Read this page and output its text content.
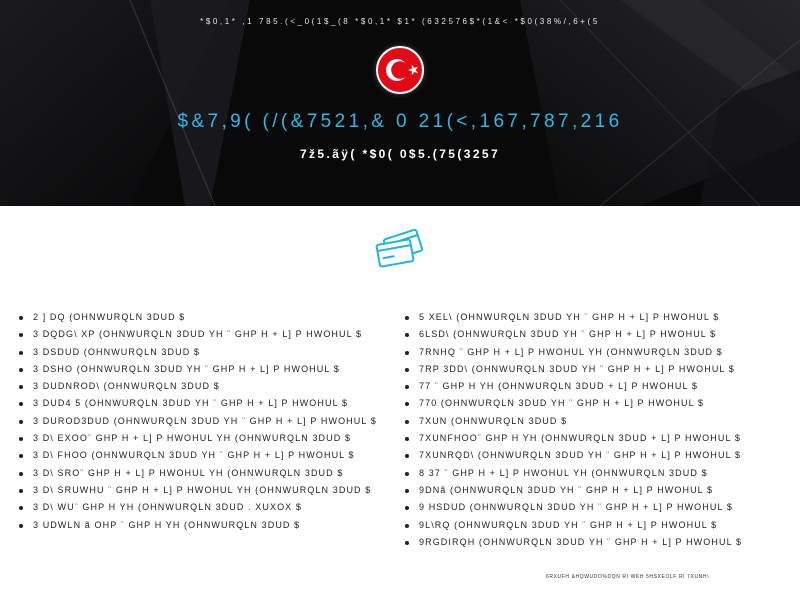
*$0,1* ,1 785.(<_0(1$_(8 *$0,1* $1* (632576$*(1&< *$0(38%/,6+(5
$&7,9( (/(&7521,& 0 21(<,167,787,216
7ž5.ãÿ( *$0( 0$5.(75(3257
2 ] DQ (OHNWURQLN 3DUD $
3 DQDG\ XP (OHNWURQLN 3DUD YH ¨ GHP H + L] P HWOHUL $
3 DSDUD (OHNWURQLN 3DUD $
3 DSHO (OHNWURQLN 3DUD YH ¨ GHP H + L] P HWOHUL $
3 DUDNROD\ (OHNWURQLN 3DUD $
3 DUD4 5 (OHNWURQLN 3DUD YH ¨ GHP H + L] P HWOHUL $
3 DUROD3DUD (OHNWURQLN 3DUD YH ¨ GHP H + L] P HWOHUL $
3 D\ EXOO¨ GHP H + L] P HWOHUL YH (OHNWURQLN 3DUD $
3 D\ FHOO (OHNWURQLN 3DUD YH ¨ GHP H + L] P HWOHUL $
3 D\ SRO¨ GHP H + L] P HWOHUL YH (OHNWURQLN 3DUD $
3 D\ SRUWHU ¨ GHP H + L] P HWOHUL YH (OHNWURQLN 3DUD $
3 D\ WU¨ GHP H YH (OHNWURQLN 3DUD . XUXOX $
3 UDWLN ã OHP ¨ GHP H YH (OHNWURQLN 3DUD $
5 XEL\ (OHNWURQLN 3DUD YH ¨ GHP H + L] P HWOHUL $
6LSD\ (OHNWURQLN 3DUD YH ¨ GHP H + L] P HWOHUL $
7RNHQ ¨ GHP H + L] P HWOHUL YH (OHNWURQLN 3DUD $
7RP 3DD\ (OHNWURQLN 3DUD YH ¨ GHP H + L] P HWOHUL $
77 ¨ GHP H YH (OHNWURQLN 3DUD + L] P HWOHUL $
770 (OHNWURQLN 3DUD YH ¨ GHP H + L] P HWOHUL $
7XUN (OHNWURQLN 3DUD $
7XUNFHOO¨ GHP H YH (OHNWURQLN 3DUD + L] P HWOHUL $
7XUNRQD\ (OHNWURQLN 3DUD YH ¨ GHP H + L] P HWOHUL $
8 37 ¨ GHP H + L] P HWOHUL YH (OHNWURQLN 3DUD $
9DNã (OHNWURQLN 3DUD YH ¨ GHP H + L] P HWOHUL $
9 HSDUD (OHNWURQLN 3DUD YH ¨ GHP H + L] P HWOHUL $
9L\RQ (OHNWURQLN 3DUD YH ¨ GHP H + L] P HWOHUL $
9RGDIRQH (OHNWURQLN 3DUD YH ¨ GHP H + L] P HWOHUL $
6RXUFH &HQWUDO%DQN RI WKH 5HSXEOLF RI 7XUNH\
